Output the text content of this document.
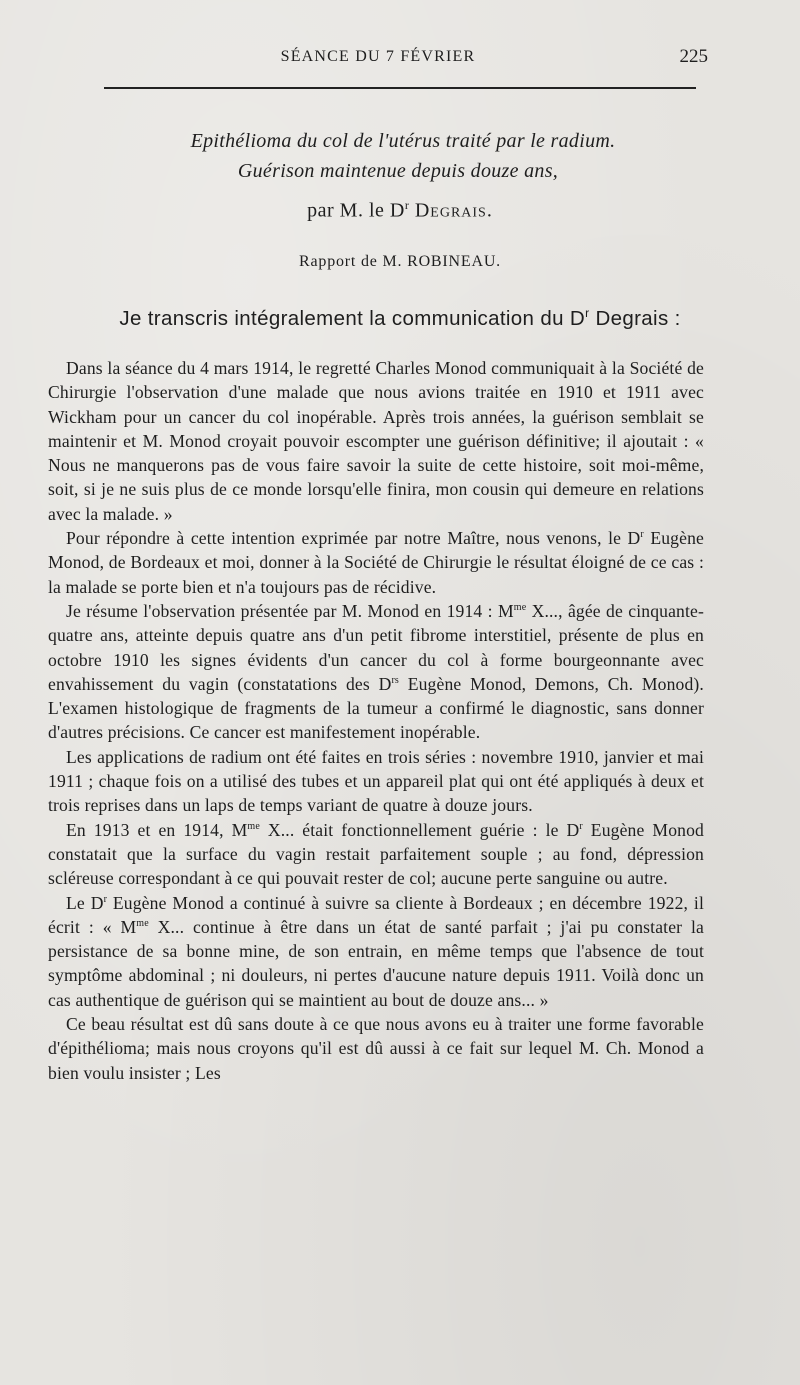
SÉANCE DU 7 FÉVRIER	225
Epithélioma du col de l'utérus traité par le radium.
Guérison maintenue depuis douze ans,
par M. le $D^r$ Degrais.
Rapport de M. ROBINEAU.
Je transcris intégralement la communication du $D^r$ Degrais :

Dans la séance du 4 mars 1914, le regretté Charles Monod communiquait à la Société de Chirurgie l'observation d'une malade que nous avions traitée en 1910 et 1911 avec Wickham pour un cancer du col inopérable. Après trois années, la guérison semblait se maintenir et M. Monod croyait pouvoir escompter une guérison définitive; il ajoutait : « Nous ne manquerons pas de vous faire savoir la suite de cette histoire, soit moi-même, soit, si je ne suis plus de ce monde lorsqu'elle finira, mon cousin qui demeure en relations avec la malade. »

Pour répondre à cette intention exprimée par notre Maître, nous venons, le $D^r$ Eugène Monod, de Bordeaux et moi, donner à la Société de Chirurgie le résultat éloigné de ce cas : la malade se porte bien et n'a toujours pas de récidive.

Je résume l'observation présentée par M. Monod en 1914 : $M^{me}$ X..., âgée de cinquante-quatre ans, atteinte depuis quatre ans d'un petit fibrome interstitiel, présente de plus en octobre 1910 les signes évidents d'un cancer du col à forme bourgeonnante avec envahissement du vagin (constatations des $D^{rs}$ Eugène Monod, Demons, Ch. Monod). L'examen histologique de fragments de la tumeur a confirmé le diagnostic, sans donner d'autres précisions. Ce cancer est manifestement inopérable.

Les applications de radium ont été faites en trois séries : novembre 1910, janvier et mai 1911 ; chaque fois on a utilisé des tubes et un appareil plat qui ont été appliqués à deux et trois reprises dans un laps de temps variant de quatre à douze jours.

En 1913 et en 1914, $M^{me}$ X... était fonctionnellement guérie : le $D^r$ Eugène Monod constatait que la surface du vagin restait parfaitement souple ; au fond, dépression scléreuse correspondant à ce qui pouvait rester de col; aucune perte sanguine ou autre.

Le $D^r$ Eugène Monod a continué à suivre sa cliente à Bordeaux ; en décembre 1922, il écrit : « $M^{me}$ X... continue à être dans un état de santé parfait ; j'ai pu constater la persistance de sa bonne mine, de son entrain, en même temps que l'absence de tout symptôme abdominal ; ni douleurs, ni pertes d'aucune nature depuis 1911. Voilà donc un cas authentique de guérison qui se maintient au bout de douze ans... »

Ce beau résultat est dû sans doute à ce que nous avons eu à traiter une forme favorable d'épithélioma; mais nous croyons qu'il est dû aussi à ce fait sur lequel M. Ch. Monod a bien voulu insister ; Les
